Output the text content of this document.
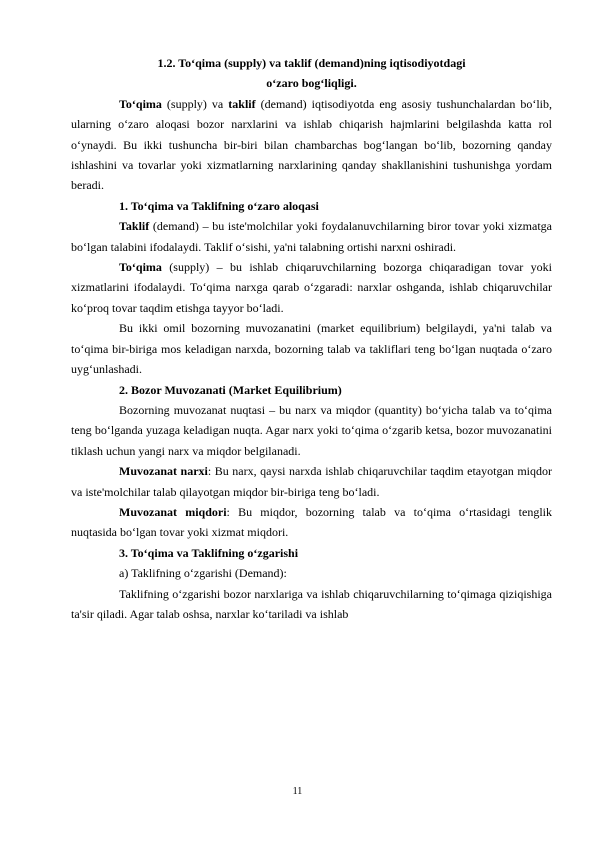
1.2. To‘qima (supply) va taklif (demand)ning iqtisodiyotdagi
o‘zaro bog‘liqligi.

To‘qima (supply) va taklif (demand) iqtisodiyotda eng asosiy tushunchalardan bo‘lib, ularning o‘zaro aloqasi bozor narxlarini va ishlab chiqarish hajmlarini belgilashda katta rol o‘ynaydi. Bu ikki tushuncha bir-biri bilan chambarchas bog‘langan bo‘lib, bozorning qanday ishlashini va tovarlar yoki xizmatlarning narxlarining qanday shakllanishini tushunishga yordam beradi.

1. To‘qima va Taklifning o‘zaro aloqasi

Taklif (demand) – bu iste'molchilar yoki foydalanuvchilarning biror tovar yoki xizmatga bo‘lgan talabini ifodalaydi. Taklif o‘sishi, ya'ni talabning ortishi narxni oshiradi.

To‘qima (supply) – bu ishlab chiqaruvchilarning bozorga chiqaradigan tovar yoki xizmatlarini ifodalaydi. To‘qima narxga qarab o‘zgaradi: narxlar oshganda, ishlab chiqaruvchilar ko‘proq tovar taqdim etishga tayyor bo‘ladi.

Bu ikki omil bozorning muvozanatini (market equilibrium) belgilaydi, ya'ni talab va to‘qima bir-biriga mos keladigan narxda, bozorning talab va takliflari teng bo‘lgan nuqtada o‘zaro uyg‘unlashadi.

2. Bozor Muvozanati (Market Equilibrium)

Bozorning muvozanat nuqtasi – bu narx va miqdor (quantity) bo‘yicha talab va to‘qima teng bo‘lganda yuzaga keladigan nuqta. Agar narx yoki to‘qima o‘zgarib ketsa, bozor muvozanatini tiklash uchun yangi narx va miqdor belgilanadi.

Muvozanat narxi: Bu narx, qaysi narxda ishlab chiqaruvchilar taqdim etayotgan miqdor va iste'molchilar talab qilayotgan miqdor bir-biriga teng bo‘ladi.

Muvozanat miqdori: Bu miqdor, bozorning talab va to‘qima o‘rtasidagi tenglik nuqtasida bo‘lgan tovar yoki xizmat miqdori.

3. To‘qima va Taklifning o‘zgarishi

a) Taklifning o‘zgarishi (Demand):

Taklifning o‘zgarishi bozor narxlariga va ishlab chiqaruvchilarning to‘qimaga qiziqishiga ta'sir qiladi. Agar talab oshsa, narxlar ko‘tariladi va ishlab

11
